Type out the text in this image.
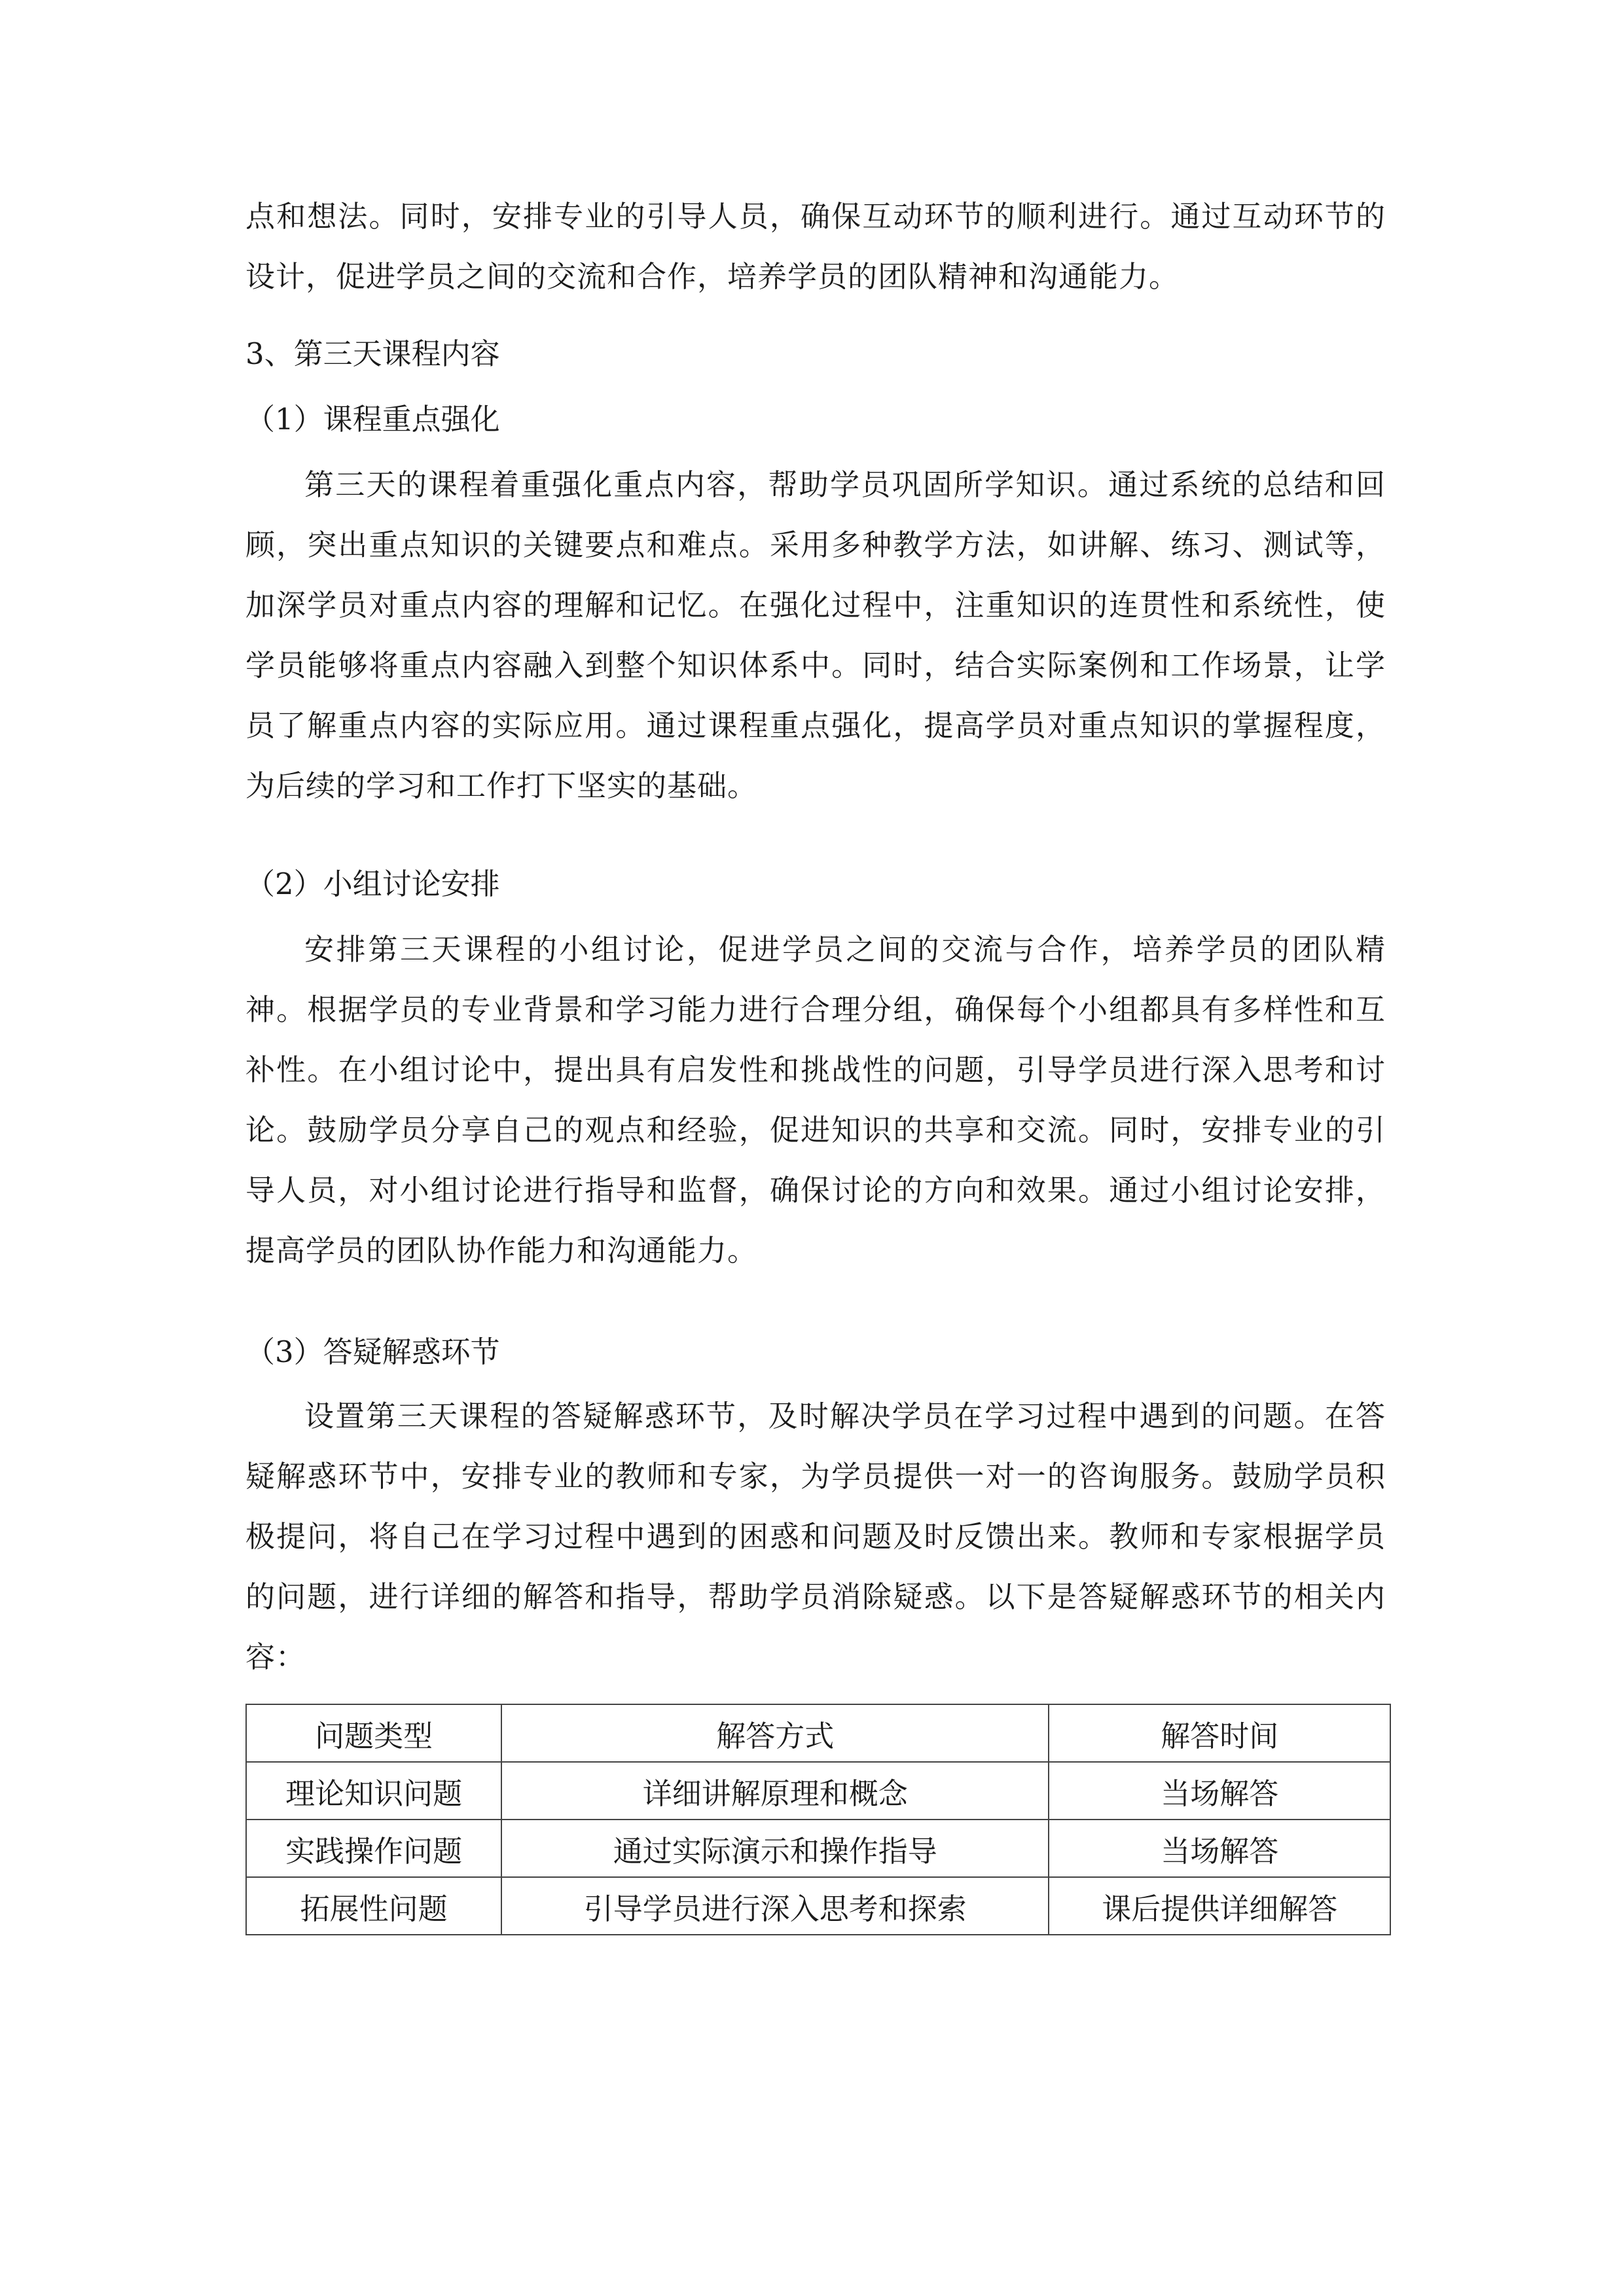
点和想法。同时，安排专业的引导人员，确保互动环节的顺利进行。通过互动环节的设计，促进学员之间的交流和合作，培养学员的团队精神和沟通能力。

3、第三天课程内容

（1）课程重点强化

第三天的课程着重强化重点内容，帮助学员巩固所学知识。通过系统的总结和回顾，突出重点知识的关键要点和难点。采用多种教学方法，如讲解、练习、测试等，加深学员对重点内容的理解和记忆。在强化过程中，注重知识的连贯性和系统性，使学员能够将重点内容融入到整个知识体系中。同时，结合实际案例和工作场景，让学员了解重点内容的实际应用。通过课程重点强化，提高学员对重点知识的掌握程度，为后续的学习和工作打下坚实的基础。

（2）小组讨论安排

安排第三天课程的小组讨论，促进学员之间的交流与合作，培养学员的团队精神。根据学员的专业背景和学习能力进行合理分组，确保每个小组都具有多样性和互补性。在小组讨论中，提出具有启发性和挑战性的问题，引导学员进行深入思考和讨论。鼓励学员分享自己的观点和经验，促进知识的共享和交流。同时，安排专业的引导人员，对小组讨论进行指导和监督，确保讨论的方向和效果。通过小组讨论安排，提高学员的团队协作能力和沟通能力。

（3）答疑解惑环节

设置第三天课程的答疑解惑环节，及时解决学员在学习过程中遇到的问题。在答疑解惑环节中，安排专业的教师和专家，为学员提供一对一的咨询服务。鼓励学员积极提问，将自己在学习过程中遇到的困惑和问题及时反馈出来。教师和专家根据学员的问题，进行详细的解答和指导，帮助学员消除疑惑。以下是答疑解惑环节的相关内容：

问题类型	解答方式	解答时间
理论知识问题	详细讲解原理和概念	当场解答
实践操作问题	通过实际演示和操作指导	当场解答
拓展性问题	引导学员进行深入思考和探索	课后提供详细解答
